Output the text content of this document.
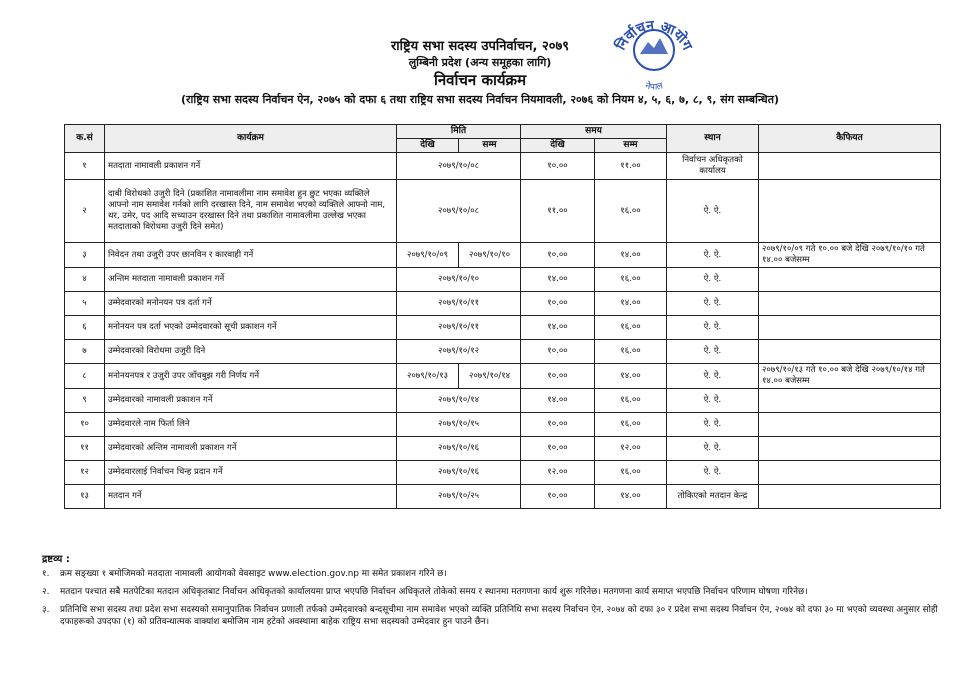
निर्वाचन आयोग
नेपाल
राष्ट्रिय सभा सदस्य उपनिर्वाचन, २०७९
लुम्बिनी प्रदेश (अन्य समूहका लागि)
निर्वाचन कार्यक्रम
(राष्ट्रिय सभा सदस्य निर्वाचन ऐन, २०७५ को दफा ६ तथा राष्ट्रिय सभा सदस्य निर्वाचन नियमावली, २०७६ को नियम ४, ५, ६, ७, ८, ९, संग सम्बन्धित)
क.सं	कार्यक्रम	मिति		समय		स्थान	कैफियत
		देखि	सम्म	देखि	सम्म		
१	मतदाता नामावली प्रकाशन गर्ने	२०७९/१०/०८		१०.००	११.००	निर्वाचन अधिकृतको कार्यालय	
२	दाबी विरोधको उजुरी दिने (प्रकाशित नामावलीमा नाम समावेश हुन छुट भएका व्यक्तिले आफ्नो नाम समावेश गर्नको लागि दरखास्त दिने, नाम समावेश भएको व्यक्तिले आफ्नो नाम, थर, उमेर, पद आदि सच्याउन दरखास्त दिने तथा प्रकाशित नामावलीमा उल्लेख भएका मतदाताको विरोधमा उजुरी दिने समेत)	२०७९/१०/०८		११.००	१६.००	ऐ. ऐ.	
३	निवेदन तथा उजुरी उपर छानविन र कारवाही गर्ने	२०७९/१०/०९	२०७९/१०/१०	१०.००	१४.००	ऐ. ऐ.	२०७९/१०/०९ गते १०.०० बजे देखि २०७९/१०/१० गते १४.०० बजेसम्म
४	अन्तिम मतदाता नामावली प्रकाशन गर्ने	२०७९/१०/१०		१४.००	१६.००	ऐ. ऐ.	
५	उम्मेदवारको मनोनयन पत्र दर्ता गर्ने	२०७९/१०/११		१०.००	१४.००	ऐ. ऐ.	
६	मनोनयन पत्र दर्ता भएको उम्मेदवारको सूची प्रकाशन गर्ने	२०७९/१०/११		१४.००	१६.००	ऐ. ऐ.	
७	उम्मेदवारको विरोधमा उजुरी दिने	२०७९/१०/१२		१०.००	१६.००	ऐ. ऐ.	
८	मनोनयनपत्र र उजुरी उपर जाँचबुझ गरी निर्णय गर्ने	२०७९/१०/१३	२०७९/१०/१४	१०.००	१४.००	ऐ. ऐ.	२०७९/१०/१३ गते १०.०० बजे देखि २०७९/१०/१४ गते १४.०० बजेसम्म
९	उम्मेदवारको नामावली प्रकाशन गर्ने	२०७९/१०/१४		१४.००	१६.००	ऐ. ऐ.	
१०	उम्मेदवारले नाम फिर्ता लिने	२०७९/१०/१५		१०.००	१६.००	ऐ. ऐ.	
११	उम्मेदवारको अन्तिम नामावली प्रकाशन गर्ने	२०७९/१०/१६		१०.००	१२.००	ऐ. ऐ.	
१२	उम्मेदवारलाई निर्वाचन चिन्ह प्रदान गर्ने	२०७९/१०/१६		१२.००	१६.००	ऐ. ऐ.	
१३	मतदान गर्ने	२०७९/१०/२५		१०.००	१४.००	तोकिएको मतदान केन्द्र	
द्रष्टव्य :
१.	क्रम सङ्ख्या १ बमोजिमको मतदाता नामावली आयोगको वेवसाइट www.election.gov.np मा समेत प्रकाशन गरिने छ।
२.	मतदान पश्चात सबै मतपेटिका मतदान अधिकृतबाट निर्वाचन अधिकृतको कार्यालयमा प्राप्त भएपछि निर्वाचन अधिकृतले तोकेको समय र स्थानमा मतगणना कार्य शुरू गरिनेछ। मतगणना कार्य समाप्त भएपछि निर्वाचन परिणाम घोषणा गरिनेछ।
३.	प्रतिनिधि सभा सदस्य तथा प्रदेश सभा सदस्यको समानुपातिक निर्वाचन प्रणाली तर्फको उम्मेदवारको बन्दसूचीमा नाम समावेश भएको व्यक्ति प्रतिनिधि सभा सदस्य निर्वाचन ऐन, २०७४ को दफा ३० र प्रदेश सभा सदस्य निर्वाचन ऐन, २०७४ को दफा ३० मा भएको व्यवस्था अनुसार सोही दफाहरूको उपदफा (१) को प्रतिवन्धात्मक वाक्यांश बमोजिम नाम हटेको अवस्थामा बाहेक राष्ट्रिय सभा सदस्यको उम्मेदवार हुन पाउने छैन।
